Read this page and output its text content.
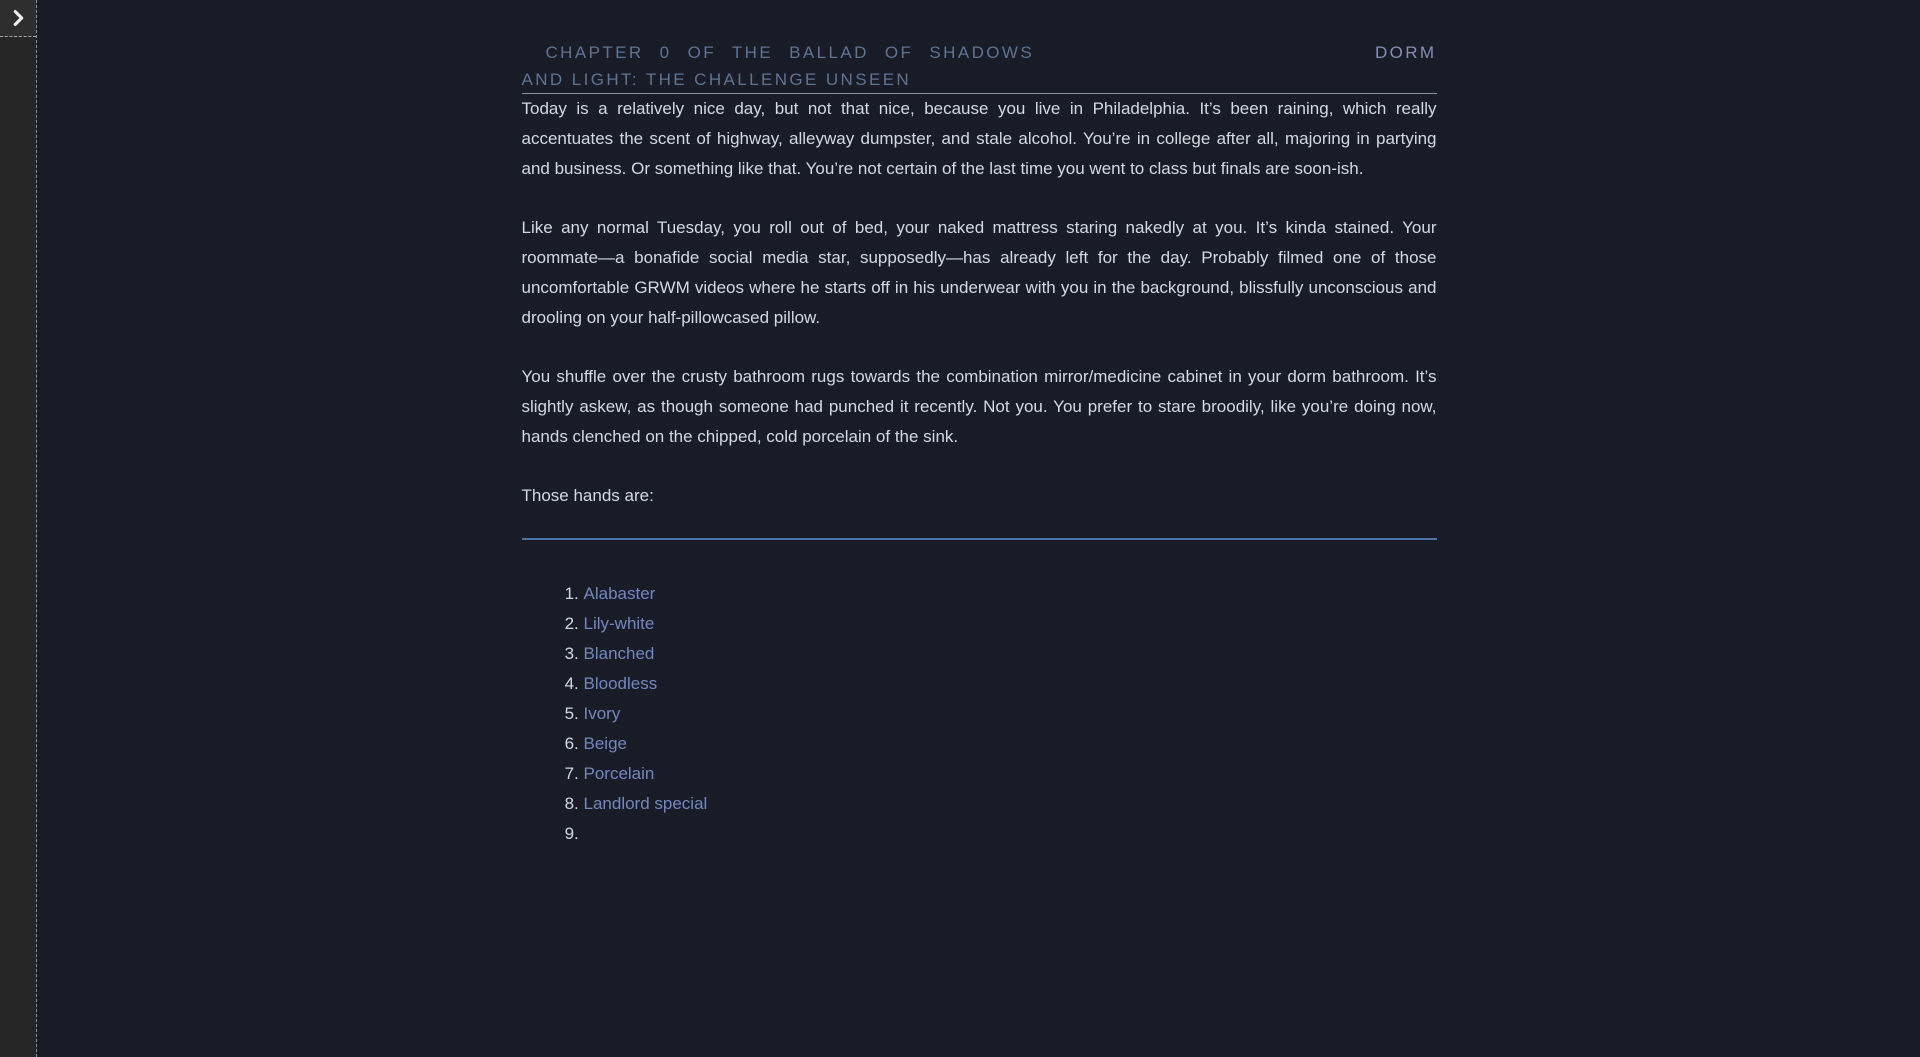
CHAPTER 0 OF THE BALLAD OF SHADOWS
AND LIGHT: THE CHALLENGE UNSEEN
DORM

Today is a relatively nice day, but not that nice, because you live in Philadelphia. It’s been raining, which really accentuates the scent of highway, alleyway dumpster, and stale alcohol. You’re in college after all, majoring in partying and business. Or something like that. You’re not certain of the last time you went to class but finals are soon-ish.

Like any normal Tuesday, you roll out of bed, your naked mattress staring nakedly at you. It’s kinda stained. Your roommate—a bonafide social media star, supposedly—has already left for the day. Probably filmed one of those uncomfortable GRWM videos where he starts off in his underwear with you in the background, blissfully unconscious and drooling on your half-pillowcased pillow.

You shuffle over the crusty bathroom rugs towards the combination mirror/medicine cabinet in your dorm bathroom. It’s slightly askew, as though someone had punched it recently. Not you. You prefer to stare broodily, like you’re doing now, hands clenched on the chipped, cold porcelain of the sink.

Those hands are:

1. Alabaster
2. Lily-white
3. Blanched
4. Bloodless
5. Ivory
6. Beige
7. Porcelain
8. Landlord special
9.
